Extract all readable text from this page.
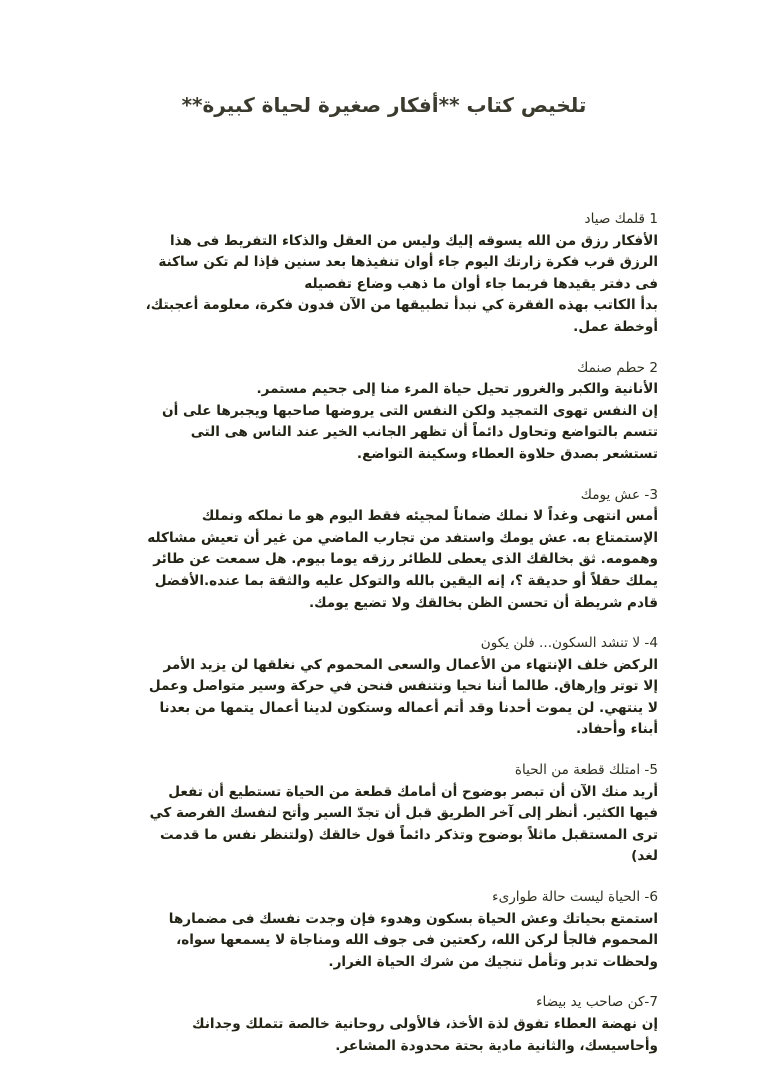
تلخيص كتاب **أفكار صغيرة لحياة كبيرة**
1 قلمك صياد
الأفكار رزق من الله يسوقه إليك وليس من العقل والذكاء التفريط فى هذا
الرزق قرب فكرة زارتك اليوم جاء أوان تنفيذها بعد سنين فإذا لم تكن ساكنة
فى دفتر يقيدها فربما جاء أوان ما ذهب وضاع تفصيله
بدأ الكاتب بهذه الفقرة كي نبدأ تطبيقها من الآن فدون فكرة، معلومة أعجبتك،
أوخطة عمل.
2 حطم صنمك
الأنانية والكبر والغرور تحيل حياة المرء منا إلى جحيم مستمر.
إن النفس تهوى التمجيد ولكن النفس التى يروضها صاحبها ويجبرها على أن
تتسم بالتواضع وتحاول دائماً أن تظهر الجانب الخير عند الناس هى التى
تستشعر بصدق حلاوة العطاء وسكينة التواضع.
3- عش يومك
أمس انتهى وغداً لا نملك ضماناً لمجيئه فقط اليوم هو ما نملكه ونملك
الإستمتاع به. عش يومك واستفد من تجارب الماضي من غير أن تعيش مشاكله
وهمومه. ثق بخالقك الذى يعطى للطائر رزقه يوما بيوم. هل سمعت عن طائر
يملك حقلاً أو حديقة ؟، إنه اليقين بالله والتوكل عليه والثقة بما عنده.الأفضل
قادم شريطة أن تحسن الظن بخالقك ولا تضيع يومك.
4- لا تنشد السكون... فلن يكون
الركض خلف الإنتهاء من الأعمال والسعى المحموم كي نغلقها لن يزيد الأمر
إلا توتر وإرهاق. طالما أننا نحيا ونتنفس فنحن في حركة وسير متواصل وعمل
لا ينتهي. لن يموت أحدنا وقد أتم أعماله وستكون لدينا أعمال يتمها من بعدنا
أبناء وأحفاد.
5- امتلك قطعة من الحياة
أريد منك الآن أن تبصر بوضوح أن أمامك قطعة من الحياة تستطيع أن تفعل
فيها الكثير. أنظر إلى آخر الطريق قبل أن تجدّ السير وأتح لنفسك الفرصة كي
ترى المستقبل ماثلاً بوضوح وتذكر دائماً قول خالقك (ولتنظر نفس ما قدمت
لغد)
6- الحياة ليست حالة طوارىء
استمتع بحياتك وعش الحياة بسكون وهدوء فإن وجدت نفسك فى مضمارها
المحموم فالجأ لركن الله، ركعتين فى جوف الله ومناجاة لا يسمعها سواه،
ولحظات تدبر وتأمل تنجيك من شرك الحياة الغرار.
7-كن صاحب يد بيضاء
إن نهضة العطاء تفوق لذة الأخذ، فالأولى روحانية خالصة تتملك وجدانك
وأحاسيسك، والثانية مادية بحتة محدودة المشاعر.
